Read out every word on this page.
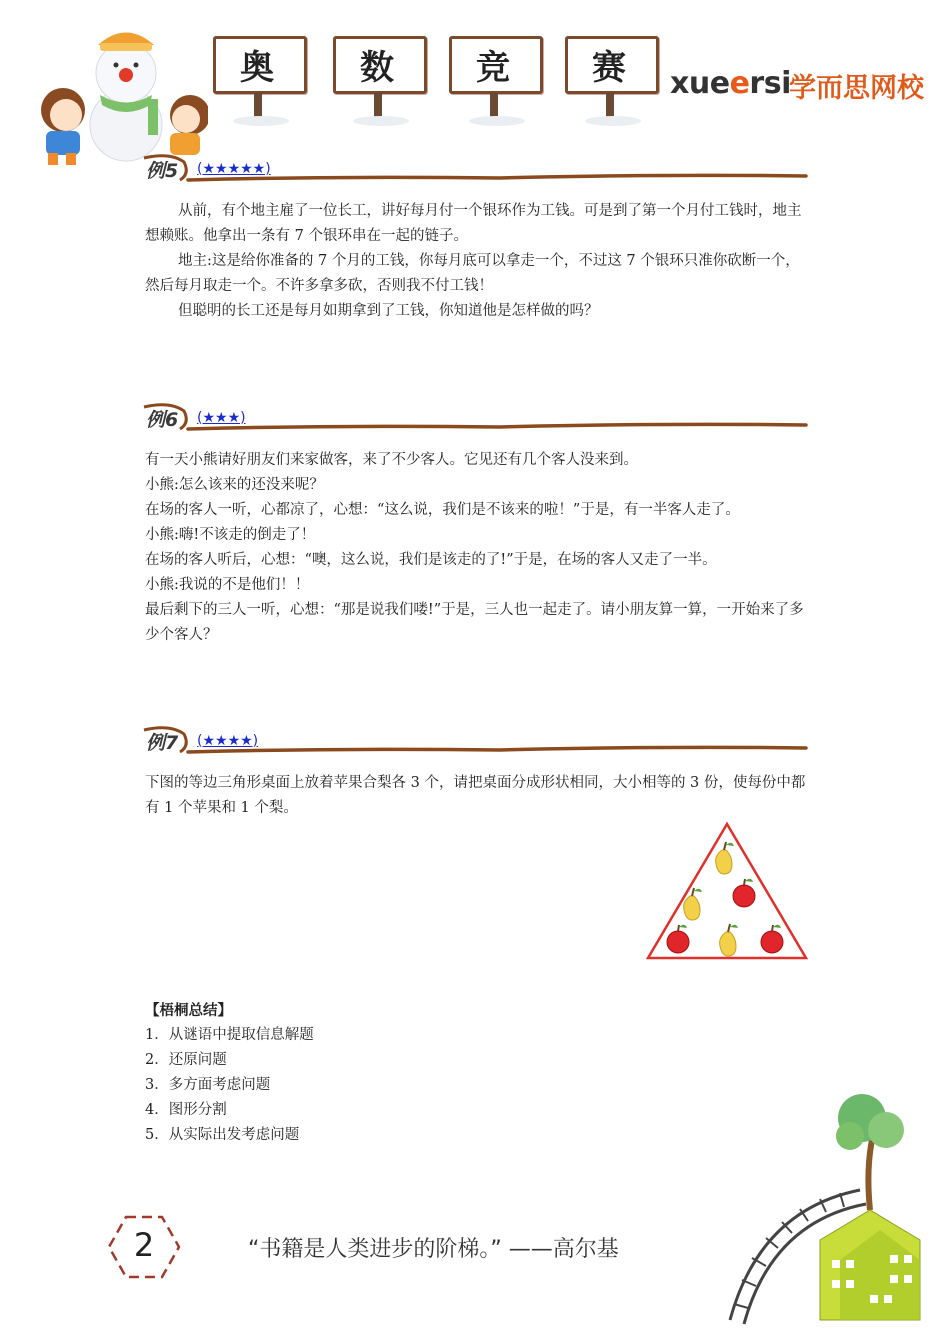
奥	数	竞	赛	xueersi
学而思网校
例5 (★★★★★)

从前，有个地主雇了一位长工，讲好每月付一个银环作为工钱。可是到了第一个月付工钱时，地主想赖账。他拿出一条有 7 个银环串在一起的链子。

地主:这是给你准备的 7 个月的工钱，你每月底可以拿走一个，不过这 7 个银环只准你砍断一个，然后每月取走一个。不许多拿多砍，否则我不付工钱！

但聪明的长工还是每月如期拿到了工钱，你知道他是怎样做的吗？

例6 (★★★)

有一天小熊请好朋友们来家做客，来了不少客人。它见还有几个客人没来到。

小熊:怎么该来的还没来呢？

在场的客人一听，心都凉了，心想：“这么说，我们是不该来的啦！”于是，有一半客人走了。

小熊:嗨!不该走的倒走了！

在场的客人听后，心想：“噢，这么说，我们是该走的了!”于是，在场的客人又走了一半。

小熊:我说的不是他们！！

最后剩下的三人一听，心想：“那是说我们喽!”于是，三人也一起走了。请小朋友算一算，一开始来了多少个客人？

例7 (★★★★)

下图的等边三角形桌面上放着苹果合梨各 3 个，请把桌面分成形状相同，大小相等的 3 份，使每份中都有 1 个苹果和 1 个梨。

【梧桐总结】
1．从谜语中提取信息解题
2．还原问题
3．多方面考虑问题
4．图形分割
5．从实际出发考虑问题
2	“书籍是人类进步的阶梯。” ——高尔基
